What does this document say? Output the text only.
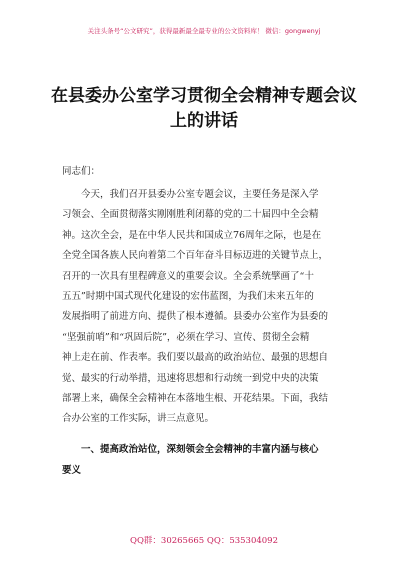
关注头条号“公文研究”，获得最新最全最专业的公文资料库！ 微信：gongwenyj
在县委办公室学习贯彻全会精神专题会议
上的讲话

同志们：

今天，我们召开县委办公室专题会议，主要任务是深入学
习领会、全面贯彻落实刚刚胜利闭幕的党的二十届四中全会精
神。这次全会，是在中华人民共和国成立76周年之际，也是在
全党全国各族人民向着第二个百年奋斗目标迈进的关键节点上，
召开的一次具有里程碑意义的重要会议。全会系统擘画了“十
五五”时期中国式现代化建设的宏伟蓝图，为我们未来五年的
发展指明了前进方向、提供了根本遵循。县委办公室作为县委的
“坚强前哨”和“巩固后院”，必须在学习、宣传、贯彻全会精
神上走在前、作表率。我们要以最高的政治站位、最强的思想自
觉、最实的行动举措，迅速将思想和行动统一到党中央的决策
部署上来，确保全会精神在本落地生根、开花结果。下面，我结
合办公室的工作实际，讲三点意见。

一、提高政治站位，深刻领会全会精神的丰富内涵与核心
要义
QQ群：30265665 QQ：535304092
